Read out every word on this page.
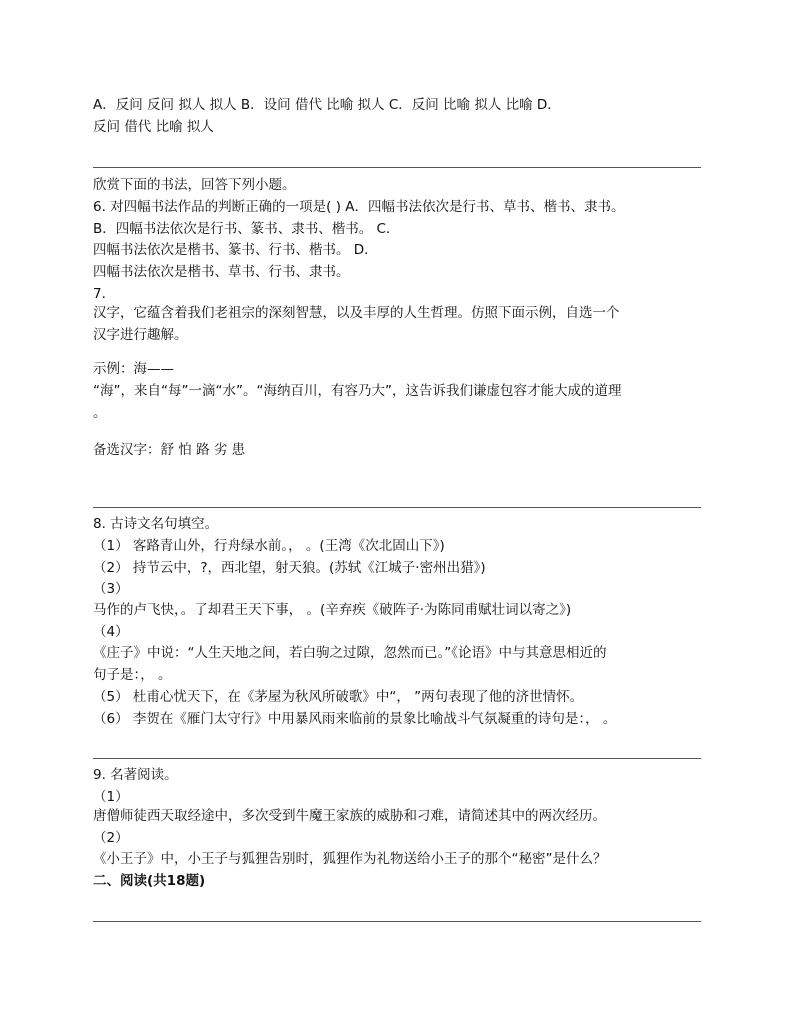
A．反问 反问 拟人 拟人 B．设问 借代 比喻 拟人 C．反问 比喻 拟人 比喻 D．
反问 借代 比喻 拟人
欣赏下面的书法，回答下列小题。
6. 对四幅书法作品的判断正确的一项是( ) A．四幅书法依次是行书、草书、楷书、隶书。
B．四幅书法依次是行书、篆书、隶书、楷书。 C．
四幅书法依次是楷书、篆书、行书、楷书。 D．
四幅书法依次是楷书、草书、行书、隶书。
7.
汉字，它蕴含着我们老祖宗的深刻智慧，以及丰厚的人生哲理。仿照下面示例，自选一个
汉字进行趣解。
示例：海——
“海”，来自“每”一滴“水”。“海纳百川，有容乃大”，这告诉我们谦虚包容才能大成的道理
。
备选汉字：舒 怕 路 劣 患
8. 古诗文名句填空。
（1） 客路青山外，行舟绿水前。， 。(王湾《次北固山下》)
（2） 持节云中，?，西北望，射天狼。(苏轼《江城子·密州出猎》)
（3）
马作的卢飞快，。了却君王天下事， 。(辛弃疾《破阵子·为陈同甫赋壮词以寄之》)
（4）
《庄子》中说：“人生天地之间，若白驹之过隙，忽然而已。”《论语》中与其意思相近的
句子是：， 。
（5） 杜甫心忧天下，在《茅屋为秋风所破歌》中“， ”两句表现了他的济世情怀。
（6） 李贺在《雁门太守行》中用暴风雨来临前的景象比喻战斗气氛凝重的诗句是：， 。
9. 名著阅读。
（1）
唐僧师徒西天取经途中，多次受到牛魔王家族的威胁和刁难，请简述其中的两次经历。
（2）
《小王子》中，小王子与狐狸告别时，狐狸作为礼物送给小王子的那个“秘密”是什么？
二、阅读(共18题)
